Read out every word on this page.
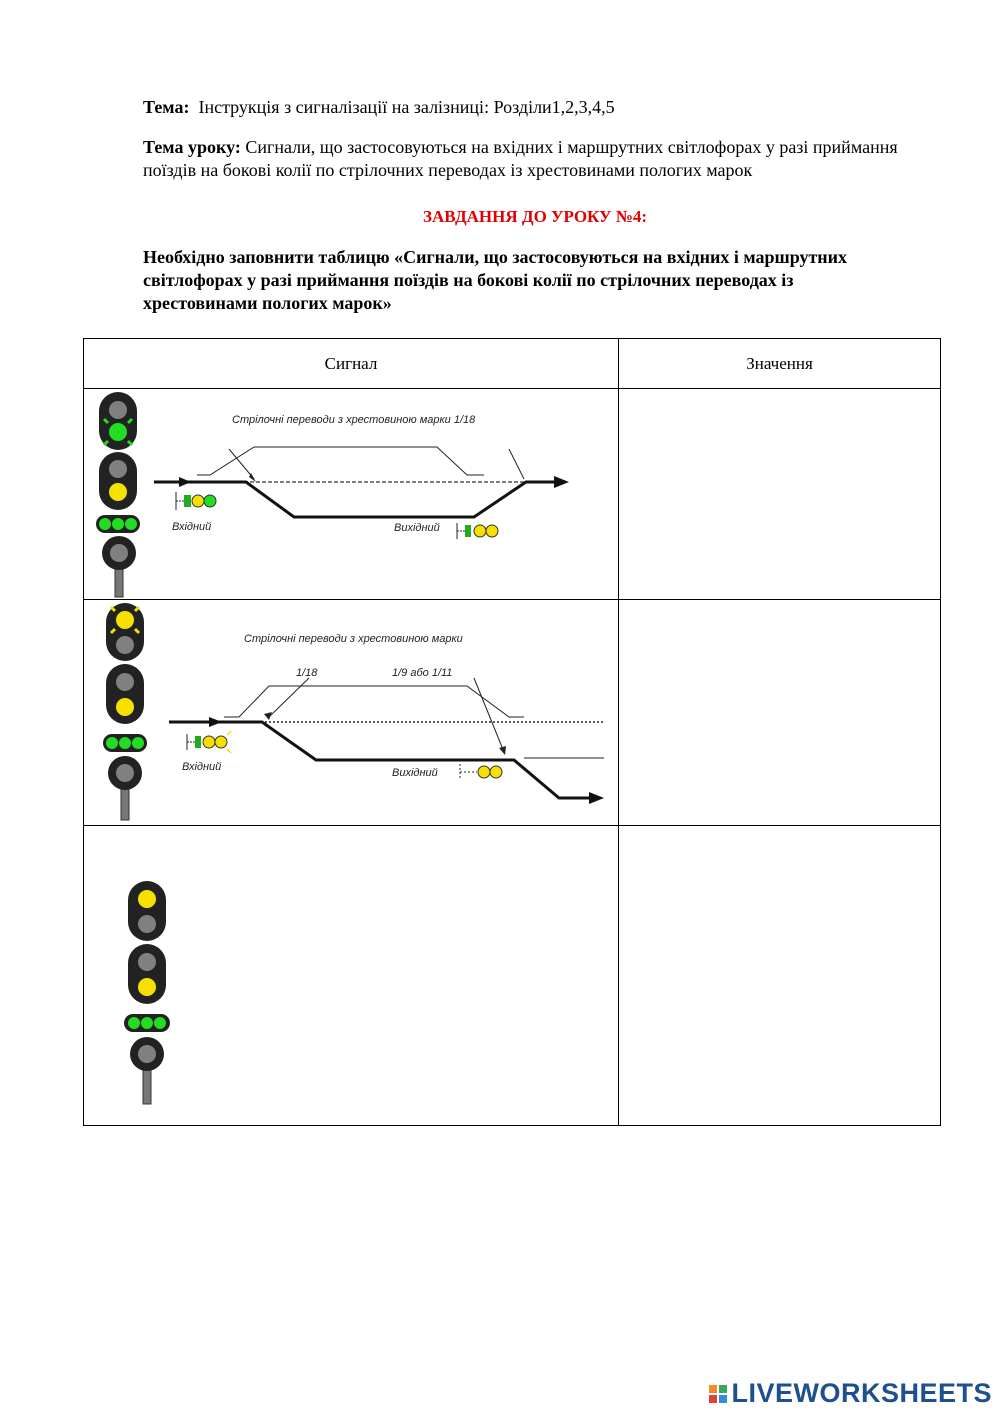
Тема: Інструкція з сигналізації на залізниці: Розділи1,2,3,4,5
Тема уроку: Сигнали, що застосовуються на вхідних і маршрутних світлофорах у разі приймання поїздів на бокові колії по стрілочних переводах із хрестовинами пологих марок
ЗАВДАННЯ ДО УРОКУ №4:
Необхідно заповнити таблицю «Сигнали, що застосовуються на вхідних і маршрутних світлофорах у разі приймання поїздів на бокові колії по стрілочних переводах із хрестовинами пологих марок»
Сигнал	Значення

Стрілочні переводи з хрестовиною марки 1/18
Вхідний Вихідний	

Стрілочні переводи з хрестовиною марки
1/18 1/9 або 1/11
Вхідний Вихідний	

LIVEWORKSHEETS
